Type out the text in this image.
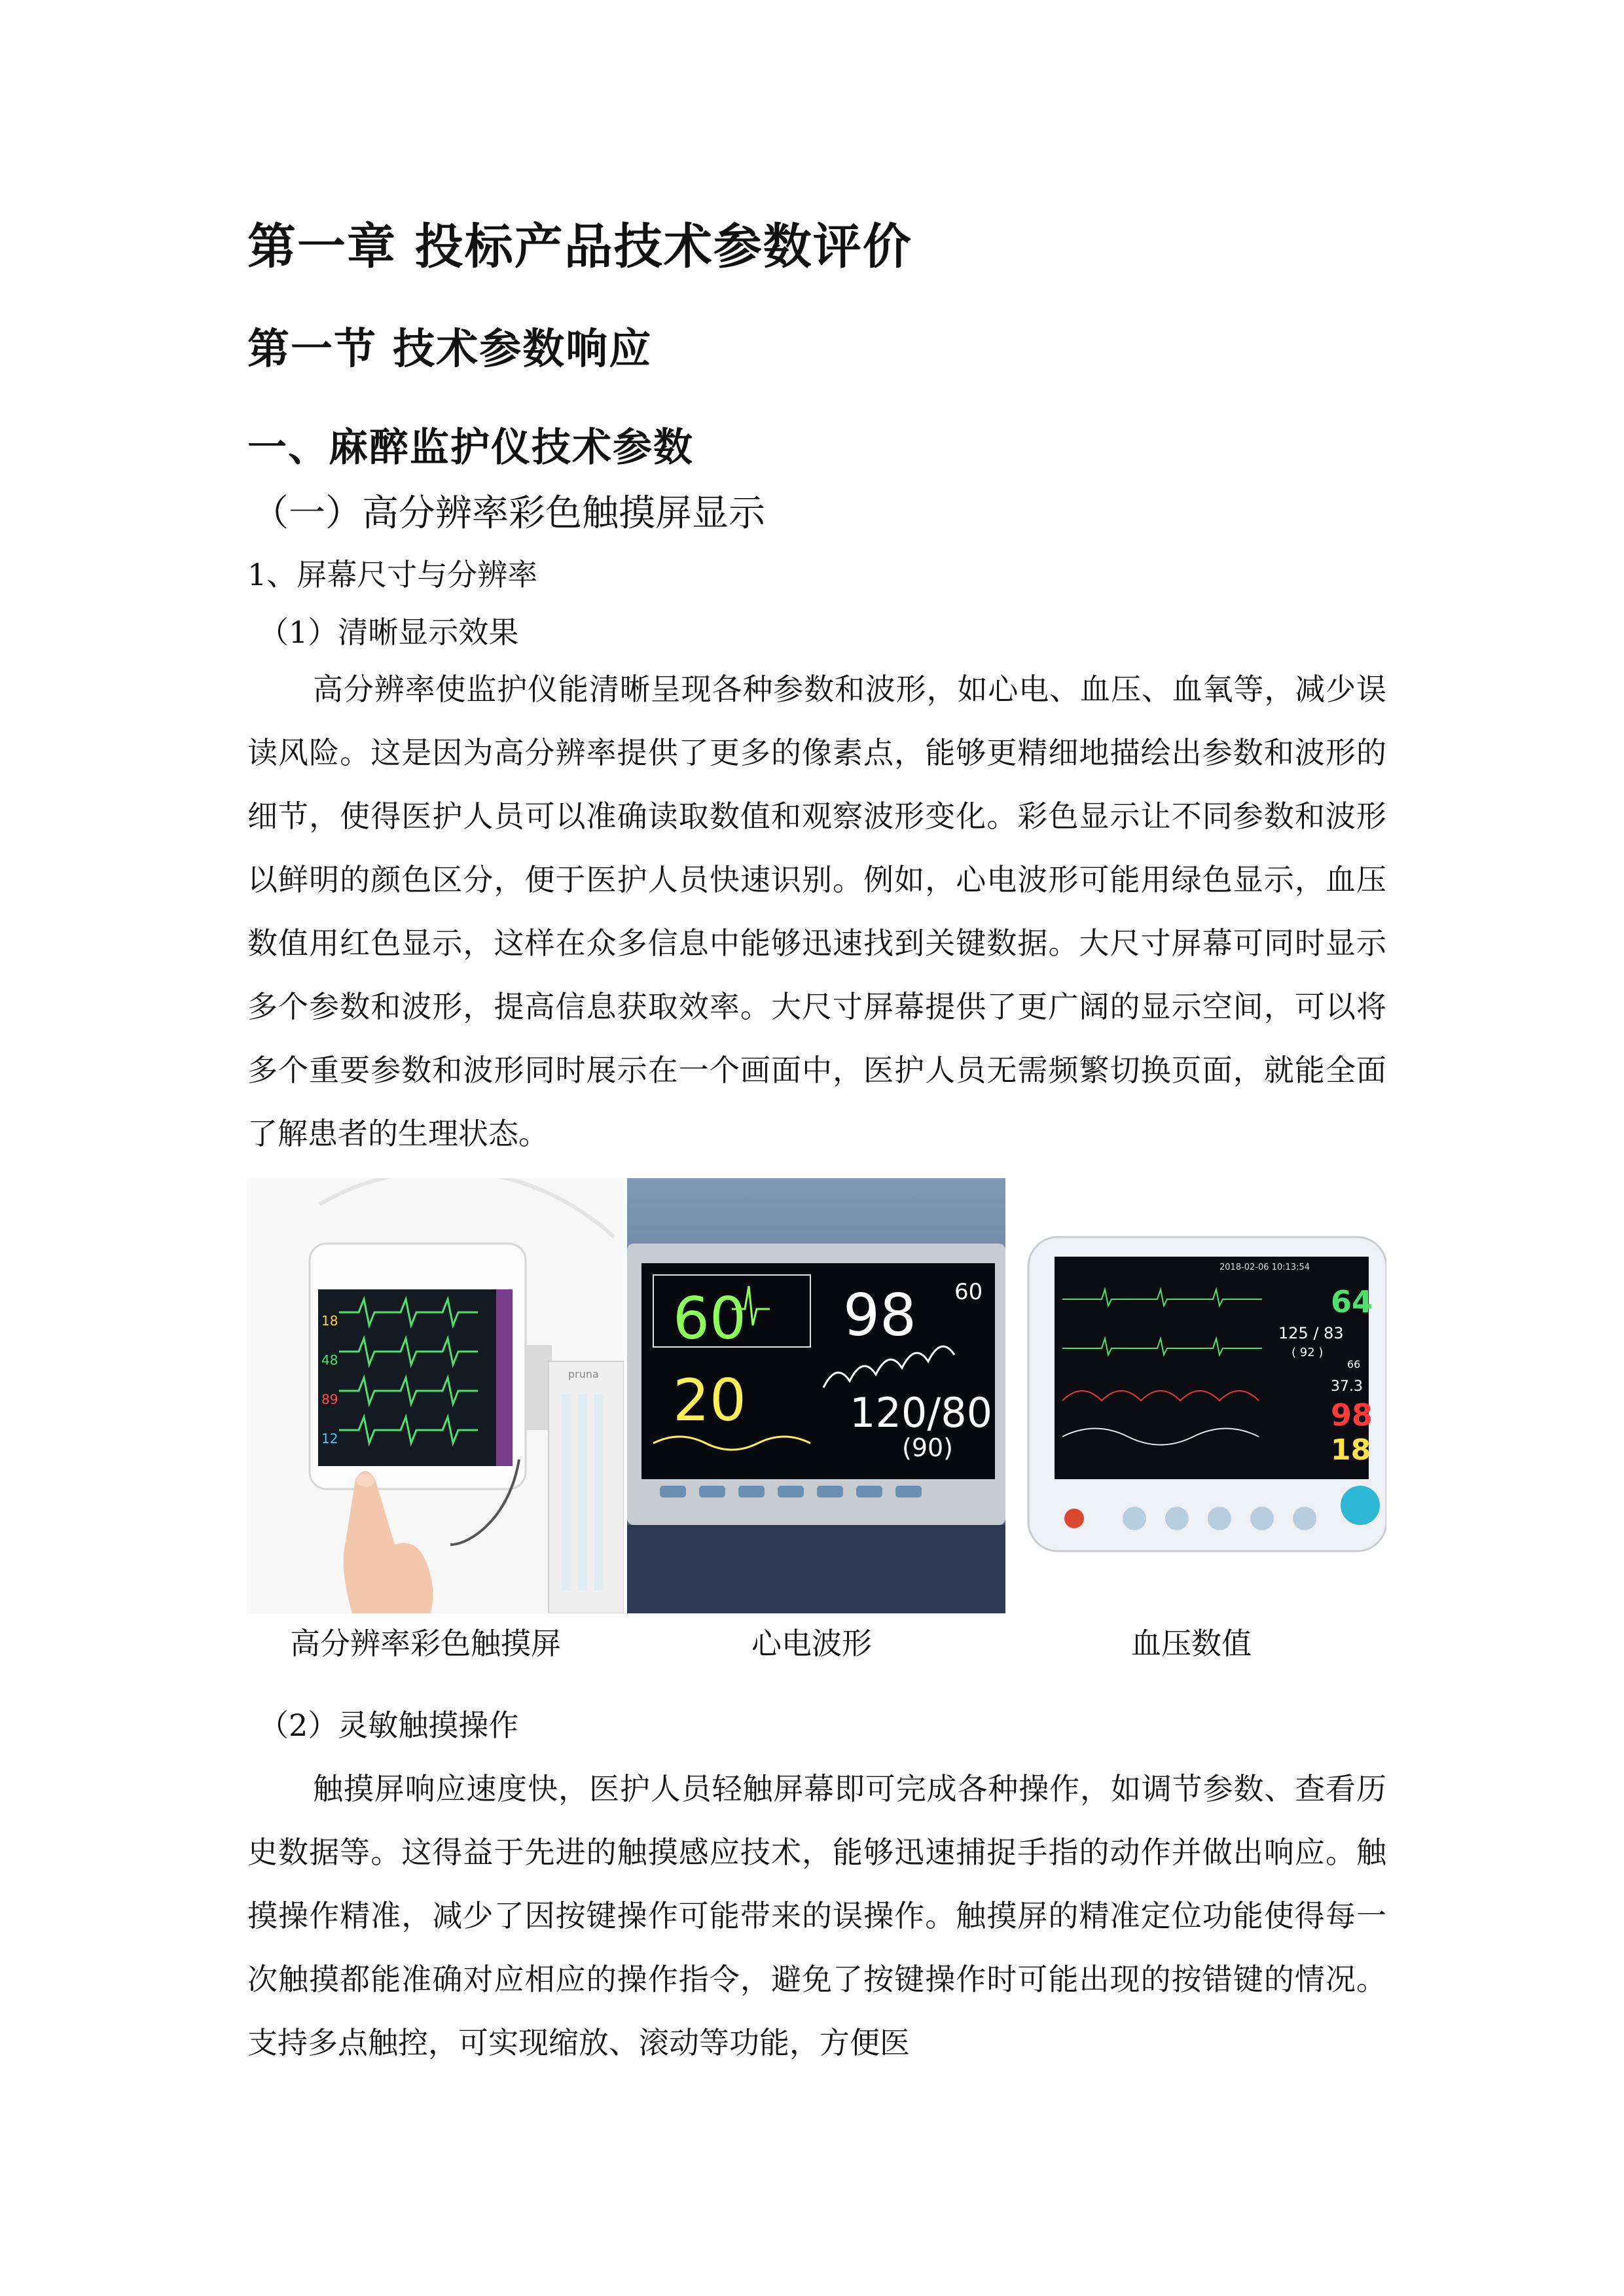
第一章 投标产品技术参数评价
第一节 技术参数响应
一、麻醉监护仪技术参数
（一）高分辨率彩色触摸屏显示
1、屏幕尺寸与分辨率
（1）清晰显示效果

高分辨率使监护仪能清晰呈现各种参数和波形，如心电、血压、血氧等，减少误读风险。这是因为高分辨率提供了更多的像素点，能够更精细地描绘出参数和波形的细节，使得医护人员可以准确读取数值和观察波形变化。彩色显示让不同参数和波形以鲜明的颜色区分，便于医护人员快速识别。例如，心电波形可能用绿色显示，血压数值用红色显示，这样在众多信息中能够迅速找到关键数据。大尺寸屏幕可同时显示多个参数和波形，提高信息获取效率。大尺寸屏幕提供了更广阔的显示空间，可以将多个重要参数和波形同时展示在一个画面中，医护人员无需频繁切换页面，就能全面了解患者的生理状态。

18
48
89
12
pruna
60 98 60
20	120/80
(90)
2018-02-06 10:13:54
64
125 / 83
( 92 )
66
37.3
98
18
高分辨率彩色触摸屏	心电波形	血压数值
（2）灵敏触摸操作

触摸屏响应速度快，医护人员轻触屏幕即可完成各种操作，如调节参数、查看历史数据等。这得益于先进的触摸感应技术，能够迅速捕捉手指的动作并做出响应。触摸操作精准，减少了因按键操作可能带来的误操作。触摸屏的精准定位功能使得每一次触摸都能准确对应相应的操作指令，避免了按键操作时可能出现的按错键的情况。支持多点触控，可实现缩放、滚动等功能，方便医
